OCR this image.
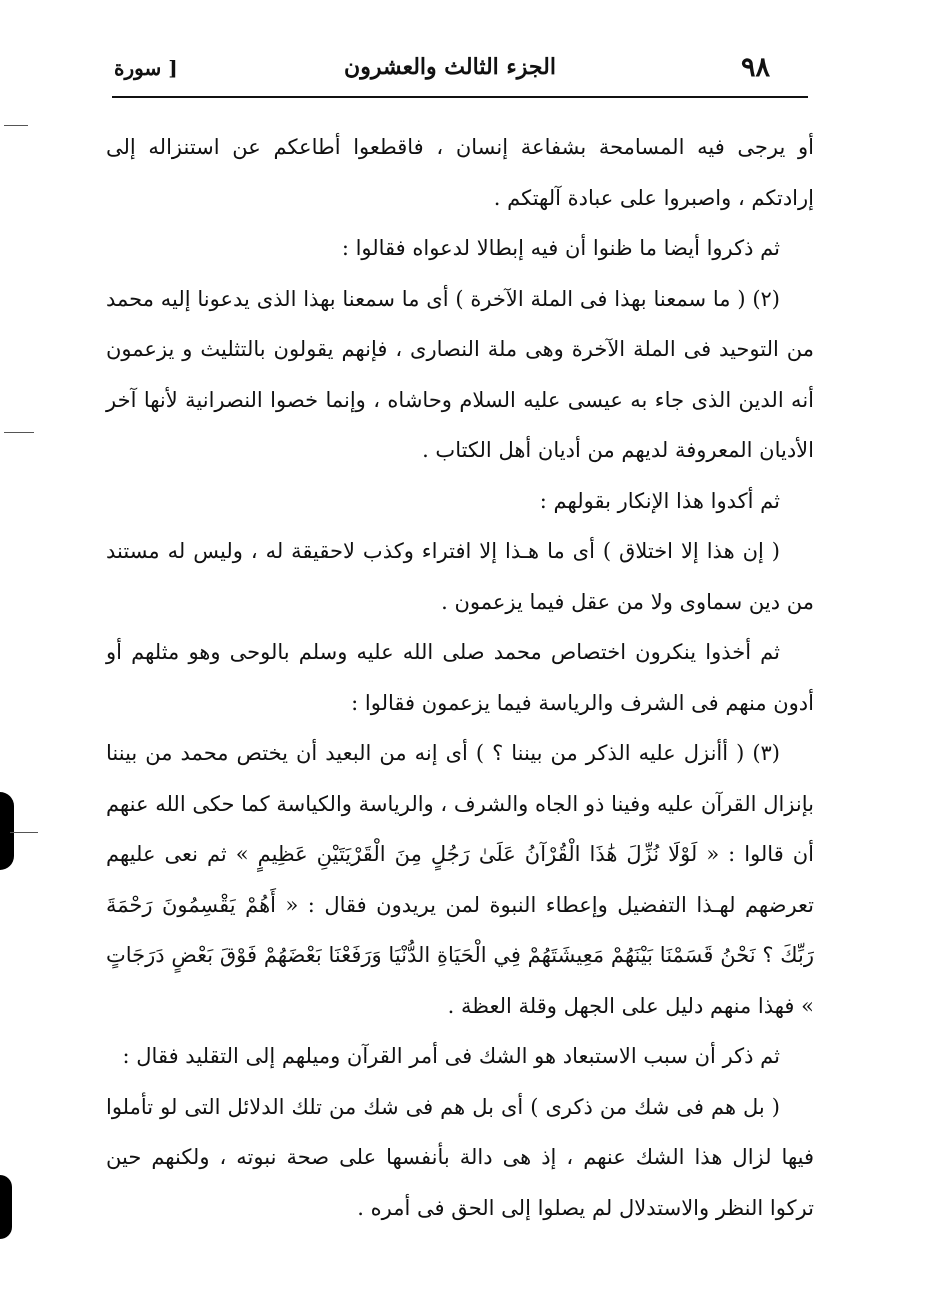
٩٨
الجزء الثالث والعشرون
[ سورة

أو يرجى فيه المسامحة بشفاعة إنسان ، فاقطعوا أطاعكم عن استنزاله إلى إرادتكم ، واصبروا على عبادة آلهتكم .

ثم ذكروا أيضا ما ظنوا أن فيه إبطالا لدعواه فقالوا :

(٢) ( ما سمعنا بهذا فى الملة الآخرة ) أى ما سمعنا بهذا الذى يدعونا إليه محمد من التوحيد فى الملة الآخرة وهى ملة النصارى ، فإنهم يقولون بالتثليث و يزعمون أنه الدين الذى جاء به عيسى عليه السلام وحاشاه ، وإنما خصوا النصرانية لأنها آخر الأديان المعروفة لديهم من أديان أهل الكتاب .

ثم أكدوا هذا الإنكار بقولهم :

( إن هذا إلا اختلاق ) أى ما هـذا إلا افتراء وكذب لاحقيقة له ، وليس له مستند من دين سماوى ولا من عقل فيما يزعمون .

ثم أخذوا ينكرون اختصاص محمد صلى الله عليه وسلم بالوحى وهو مثلهم أو أدون منهم فى الشرف والرياسة فيما يزعمون فقالوا :

(٣) ( أأنزل عليه الذكر من بيننا ؟ ) أى إنه من البعيد أن يختص محمد من بيننا بإنزال القرآن عليه وفينا ذو الجاه والشرف ، والرياسة والكياسة كما حكى الله عنهم أن قالوا : « لَوْلَا نُزِّلَ هَٰذَا الْقُرْآنُ عَلَىٰ رَجُلٍ مِنَ الْقَرْيَتَيْنِ عَظِيمٍ » ثم نعى عليهم تعرضهم لهـذا التفضيل وإعطاء النبوة لمن يريدون فقال : « أَهُمْ يَقْسِمُونَ رَحْمَةَ رَبِّكَ ؟ نَحْنُ قَسَمْنَا بَيْنَهُمْ مَعِيشَتَهُمْ فِي الْحَيَاةِ الدُّنْيَا وَرَفَعْنَا بَعْضَهُمْ فَوْقَ بَعْضٍ دَرَجَاتٍ » فهذا منهم دليل على الجهل وقلة العظة .

ثم ذكر أن سبب الاستبعاد هو الشك فى أمر القرآن وميلهم إلى التقليد فقال :

( بل هم فى شك من ذكرى ) أى بل هم فى شك من تلك الدلائل التى لو تأملوا فيها لزال هذا الشك عنهم ، إذ هى دالة بأنفسها على صحة نبوته ، ولكنهم حين تركوا النظر والاستدلال لم يصلوا إلى الحق فى أمره .
